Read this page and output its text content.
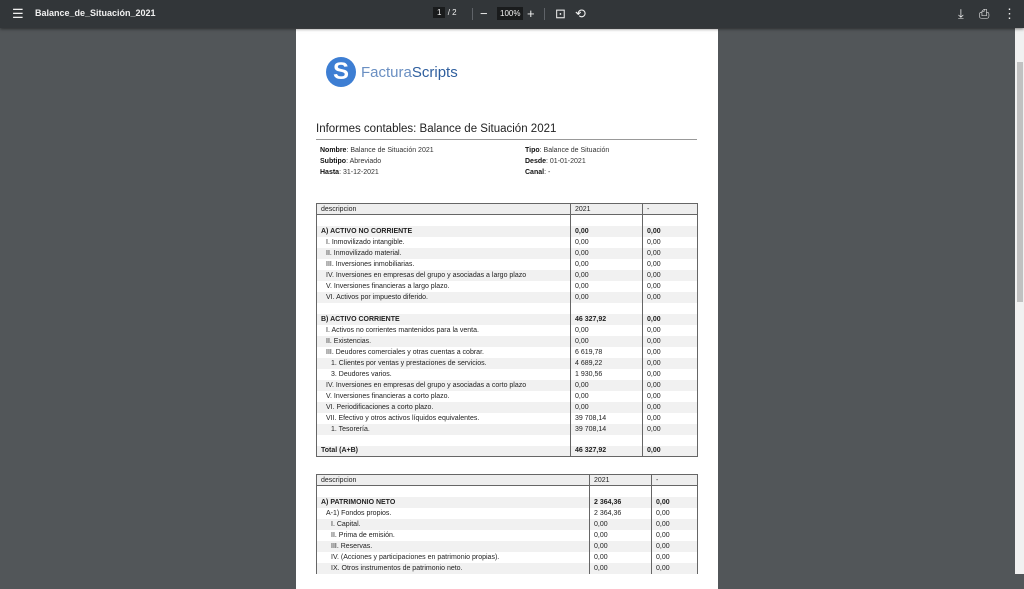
☰ Balance_de_Situación_2021	1 / 2 −	100% + ⊡ ⟲	⤓ ⎙ ⋮
S FacturaScripts
Informes contables: Balance de Situación 2021
Nombre: Balance de Situación 2021	Tipo: Balance de Situación
Subtipo: Abreviado	Desde: 01-01-2021
Hasta: 31-12-2021	Canal: -
descripcion	2021	-

A) ACTIVO NO CORRIENTE	0,00	0,00
I. Inmovilizado intangible.	0,00	0,00
II. Inmovilizado material.	0,00	0,00
III. Inversiones inmobiliarias.	0,00	0,00
IV. Inversiones en empresas del grupo y asociadas a largo plazo	0,00	0,00
V. Inversiones financieras a largo plazo.	0,00	0,00
VI. Activos por impuesto diferido.	0,00	0,00

B) ACTIVO CORRIENTE	46 327,92	0,00
I. Activos no corrientes mantenidos para la venta.	0,00	0,00
II. Existencias.	0,00	0,00
III. Deudores comerciales y otras cuentas a cobrar.	6 619,78	0,00
1. Clientes por ventas y prestaciones de servicios.	4 689,22	0,00
3. Deudores varios.	1 930,56	0,00
IV. Inversiones en empresas del grupo y asociadas a corto plazo	0,00	0,00
V. Inversiones financieras a corto plazo.	0,00	0,00
VI. Periodificaciones a corto plazo.	0,00	0,00
VII. Efectivo y otros activos líquidos equivalentes.	39 708,14	0,00
1. Tesorería.	39 708,14	0,00

Total (A+B)	46 327,92	0,00
descripcion	2021	-

A) PATRIMONIO NETO	2 364,36	0,00
A-1) Fondos propios.	2 364,36	0,00
I. Capital.	0,00	0,00
II. Prima de emisión.	0,00	0,00
III. Reservas.	0,00	0,00
IV. (Acciones y participaciones en patrimonio propias).	0,00	0,00
IX. Otros instrumentos de patrimonio neto.	0,00	0,00
